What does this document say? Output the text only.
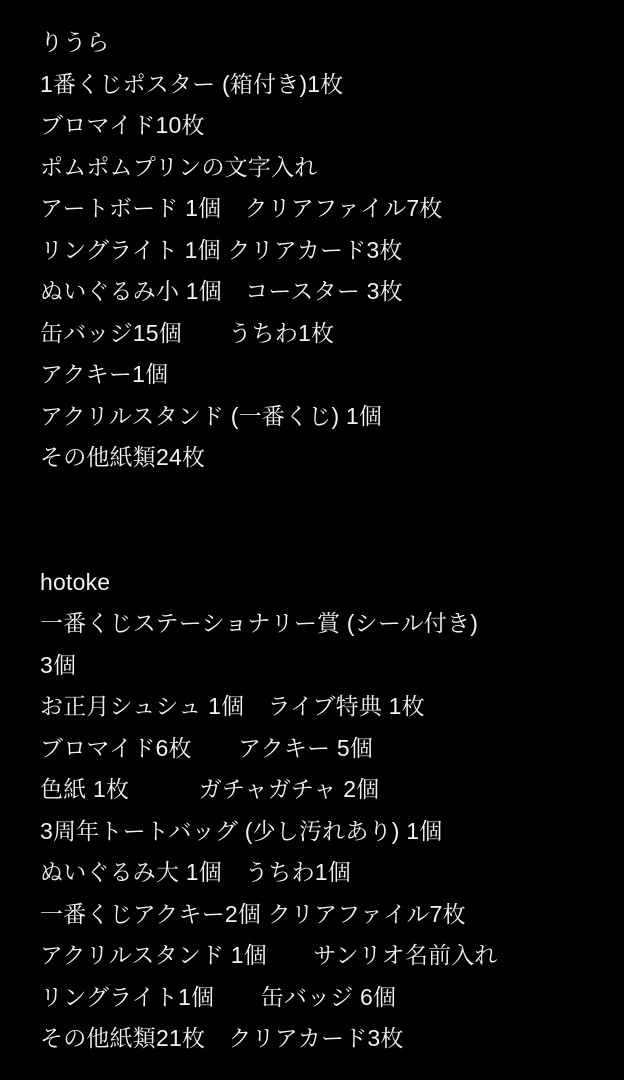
りうら
1番くじポスター (箱付き)1枚
ブロマイド10枚
ポムポムプリンの文字入れ
アートボード 1個　クリアファイル7枚
リングライト 1個 クリアカード3枚
ぬいぐるみ小 1個　コースター 3枚
缶バッジ15個　　うちわ1枚
アクキー1個
アクリルスタンド (一番くじ) 1個
その他紙類24枚
hotoke
一番くじステーショナリー賞 (シール付き)
3個
お正月シュシュ 1個　ライブ特典 1枚
ブロマイド6枚　　アクキー 5個
色紙 1枚　　　ガチャガチャ 2個
3周年トートバッグ (少し汚れあり) 1個
ぬいぐるみ大 1個　うちわ1個
一番くじアクキー2個 クリアファイル7枚
アクリルスタンド 1個　　サンリオ名前入れ
リングライト1個　　缶バッジ 6個
その他紙類21枚　クリアカード3枚
